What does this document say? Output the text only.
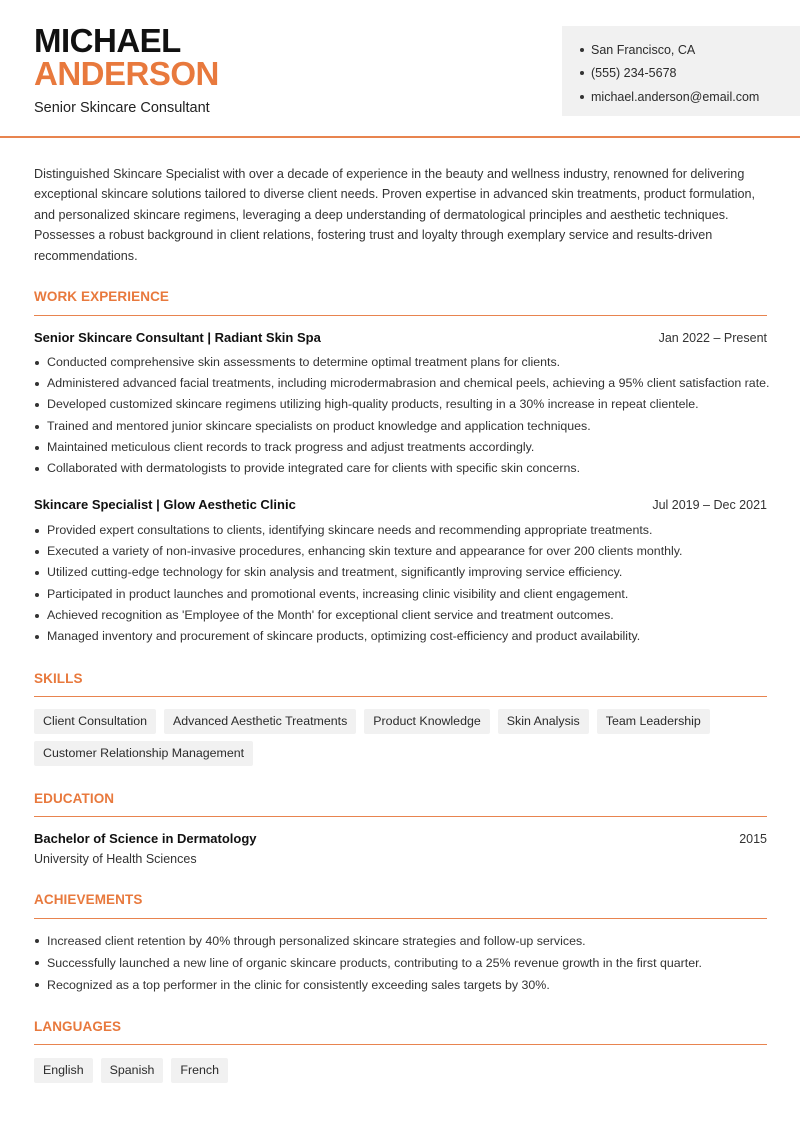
MICHAEL
ANDERSON
Senior Skincare Consultant
San Francisco, CA
(555) 234-5678
michael.anderson@email.com

Distinguished Skincare Specialist with over a decade of experience in the beauty and wellness industry, renowned for delivering exceptional skincare solutions tailored to diverse client needs. Proven expertise in advanced skin treatments, product formulation, and personalized skincare regimens, leveraging a deep understanding of dermatological principles and aesthetic techniques. Possesses a robust background in client relations, fostering trust and loyalty through exemplary service and results-driven recommendations.

WORK EXPERIENCE
Senior Skincare Consultant | Radiant Skin Spa	Jan 2022 – Present
Conducted comprehensive skin assessments to determine optimal treatment plans for clients.
Administered advanced facial treatments, including microdermabrasion and chemical peels, achieving a 95% client satisfaction rate.
Developed customized skincare regimens utilizing high-quality products, resulting in a 30% increase in repeat clientele.
Trained and mentored junior skincare specialists on product knowledge and application techniques.
Maintained meticulous client records to track progress and adjust treatments accordingly.
Collaborated with dermatologists to provide integrated care for clients with specific skin concerns.
Skincare Specialist | Glow Aesthetic Clinic	Jul 2019 – Dec 2021
Provided expert consultations to clients, identifying skincare needs and recommending appropriate treatments.
Executed a variety of non-invasive procedures, enhancing skin texture and appearance for over 200 clients monthly.
Utilized cutting-edge technology for skin analysis and treatment, significantly improving service efficiency.
Participated in product launches and promotional events, increasing clinic visibility and client engagement.
Achieved recognition as 'Employee of the Month' for exceptional client service and treatment outcomes.
Managed inventory and procurement of skincare products, optimizing cost-efficiency and product availability.
SKILLS
Client Consultation	Advanced Aesthetic Treatments	Product Knowledge	Skin Analysis	Team Leadership
Customer Relationship Management
EDUCATION
Bachelor of Science in Dermatology	2015
University of Health Sciences
ACHIEVEMENTS
Increased client retention by 40% through personalized skincare strategies and follow-up services.
Successfully launched a new line of organic skincare products, contributing to a 25% revenue growth in the first quarter.
Recognized as a top performer in the clinic for consistently exceeding sales targets by 30%.
LANGUAGES
English	Spanish	French
